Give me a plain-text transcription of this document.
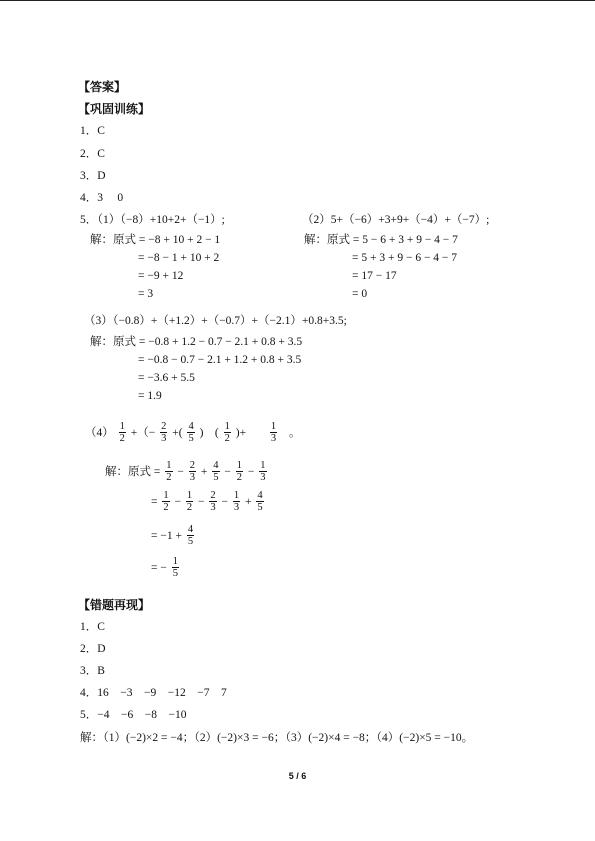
【答案】
【巩固训练】
1．C
2．C
3．D
4．3　 0
5．（1）（−8）+10+2+（−1）;	（2）5+（−6）+3+9+（−4）+（−7）;
解：原式 = −8 + 10 + 2 − 1
= −8 − 1 + 10 + 2
= −9 + 12
= 3
解：原式 = 5 − 6 + 3 + 9 − 4 − 7
= 5 + 3 + 9 − 6 − 4 − 7
= 17 − 17
= 0
（3）（−0.8）+（+1.2）+（−0.7）+（−2.1）+0.8+3.5;
解：原式 = −0.8 + 1.2 − 0.7 − 2.1 + 0.8 + 3.5
= −0.8 − 0.7 − 2.1 + 1.2 + 0.8 + 3.5
= −3.6 + 5.5
= 1.9
$(4) \frac{1}{2}$ +（− $\frac{2}{3}$ +( $\frac{4}{5}$ )　( $\frac{1}{2}$ )+ $\frac{1}{3}$ 。
解：原式 = $\frac{1}{2} - \frac{2}{3} + \frac{4}{5} - \frac{1}{2} - \frac{1}{3}$
= $\frac{1}{2} - \frac{1}{2} - \frac{2}{3} - \frac{1}{3} + \frac{4}{5}$
= $-1 + \frac{4}{5}$
= − $\frac{1}{5}$
【错题再现】
1．C
2．D
3．B
4．16　−3　−9　−12　−7　7
5．−4　−6　−8　−10
解：（1）(−2)×2 = −4；（2）(−2)×3 = −6；（3）(−2)×4 = −8；（4）(−2)×5 = −10。
5 / 6
